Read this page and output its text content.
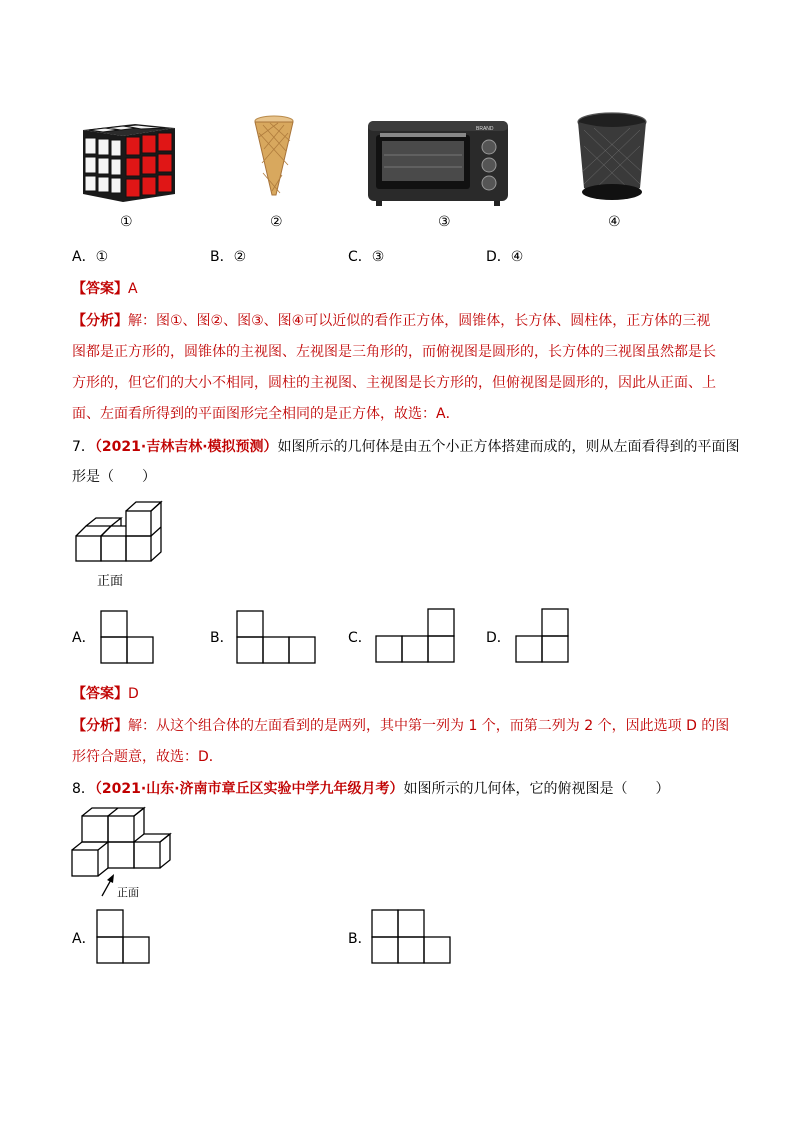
BRAND
①	②	③	④
A．①	B．②	C．③	D．④
【答案】A
【分析】解：图①、图②、图③、图④可以近似的看作正方体，圆锥体，长方体、圆柱体，正方体的三视
图都是正方形的，圆锥体的主视图、左视图是三角形的，而俯视图是圆形的，长方体的三视图虽然都是长
方形的，但它们的大小不相同，圆柱的主视图、主视图是长方形的，但俯视图是圆形的，因此从正面、上
面、左面看所得到的平面图形完全相同的是正方体，故选：A．
7．（2021·吉林吉林·模拟预测）如图所示的几何体是由五个小正方体搭建而成的，则从左面看得到的平面图
形是（　　）
正面
A．	B．	C．	D．
【答案】D
【分析】解：从这个组合体的左面看到的是两列，其中第一列为 1 个，而第二列为 2 个，因此选项 D 的图
形符合题意，故选：D．
8．（2021·山东·济南市章丘区实验中学九年级月考）如图所示的几何体，它的俯视图是（　　）
正面
A．	B．
